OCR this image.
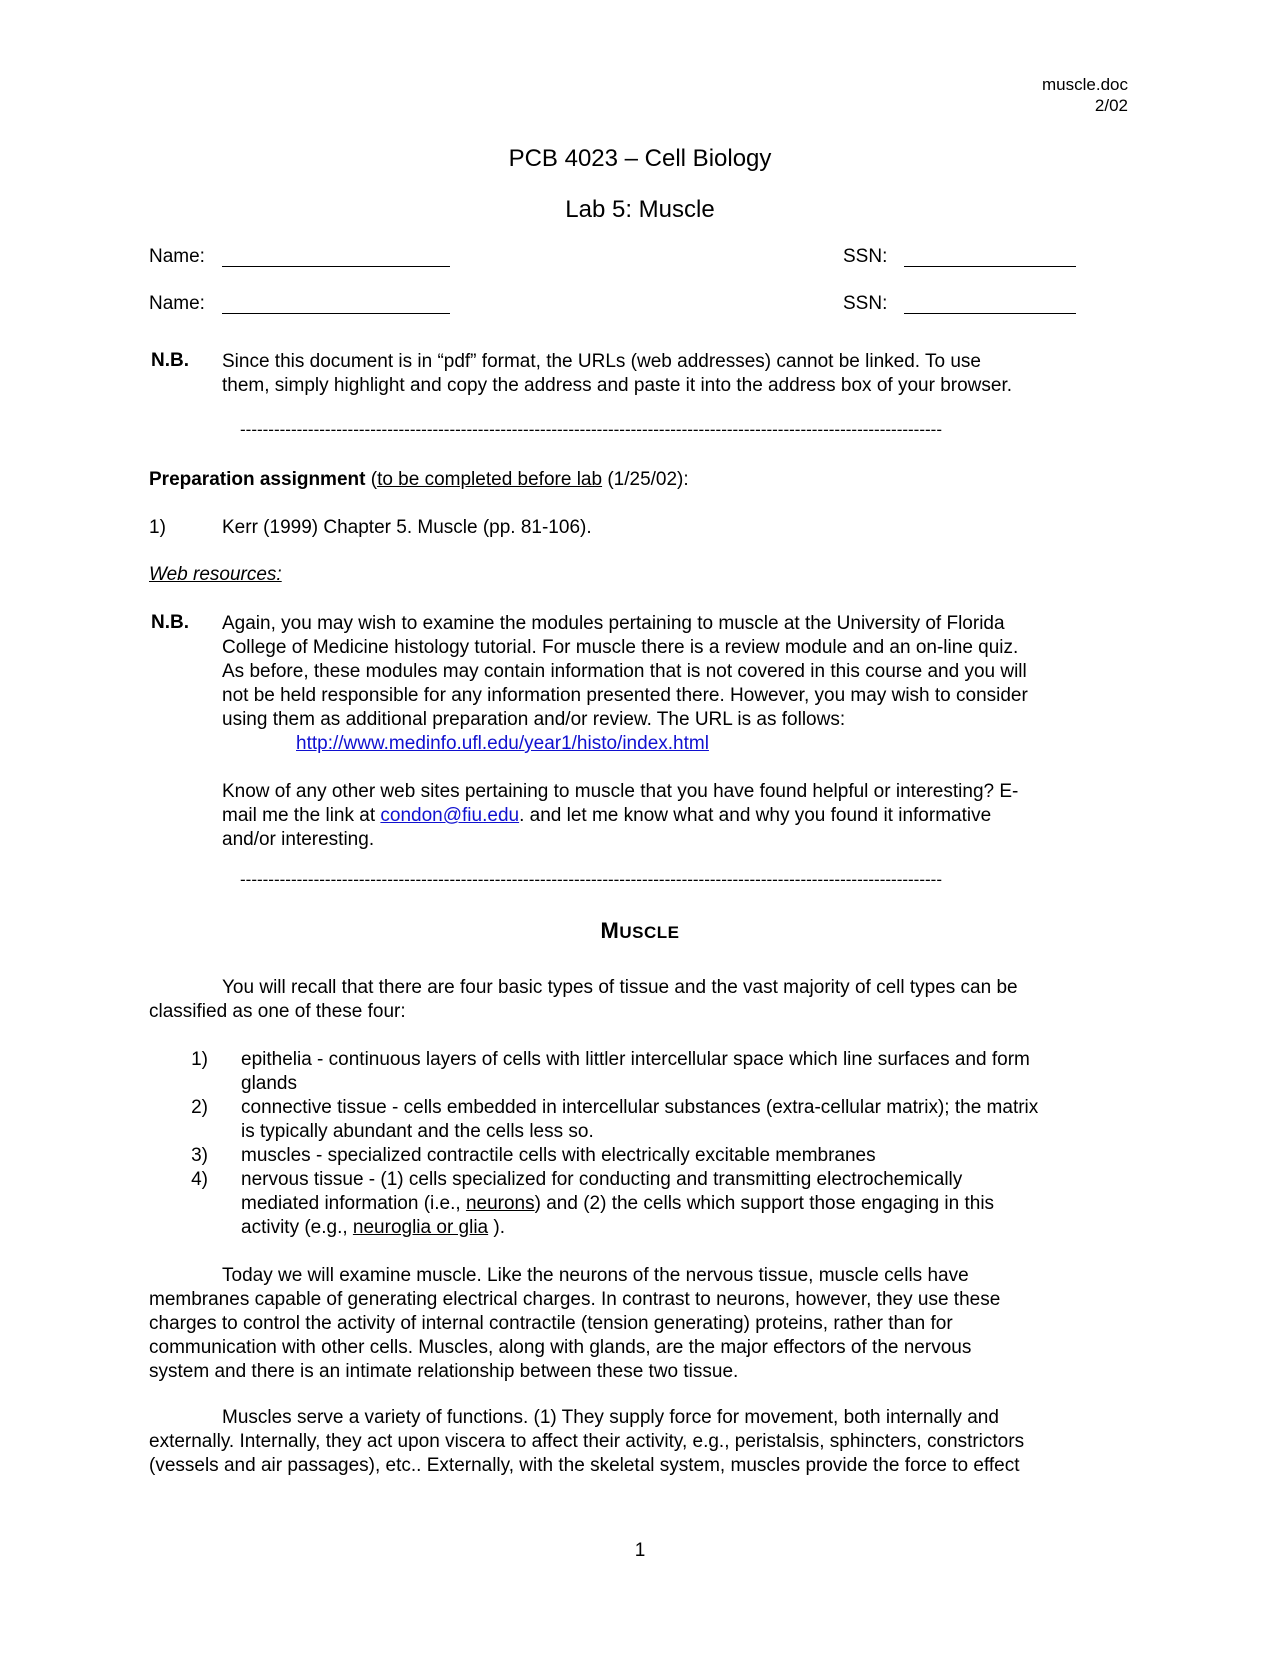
muscle.doc
2/02
PCB 4023 – Cell Biology
Lab 5: Muscle
Name:	SSN:
Name:	SSN:
N.B. Since this document is in “pdf” format, the URLs (web addresses) cannot be linked. To use
them, simply highlight and copy the address and paste it into the address box of your browser.
----------------------------------------------------------------------------------------------------------------------------
Preparation assignment (to be completed before lab (1/25/02):
1)	Kerr (1999) Chapter 5. Muscle (pp. 81-106).
Web resources:
N.B. Again, you may wish to examine the modules pertaining to muscle at the University of Florida
College of Medicine histology tutorial. For muscle there is a review module and an on-line quiz.
As before, these modules may contain information that is not covered in this course and you will
not be held responsible for any information presented there. However, you may wish to consider
using them as additional preparation and/or review. The URL is as follows:
http://www.medinfo.ufl.edu/year1/histo/index.html
Know of any other web sites pertaining to muscle that you have found helpful or interesting? E-
mail me the link at condon@fiu.edu. and let me know what and why you found it informative
and/or interesting.
----------------------------------------------------------------------------------------------------------------------------
MUSCLE
You will recall that there are four basic types of tissue and the vast majority of cell types can be
classified as one of these four:
1) epithelia - continuous layers of cells with littler intercellular space which line surfaces and form
glands
2) connective tissue - cells embedded in intercellular substances (extra-cellular matrix); the matrix
is typically abundant and the cells less so.
3) muscles - specialized contractile cells with electrically excitable membranes
4) nervous tissue - (1) cells specialized for conducting and transmitting electrochemically
mediated information (i.e., neurons) and (2) the cells which support those engaging in this
activity (e.g., neuroglia or glia ).
Today we will examine muscle. Like the neurons of the nervous tissue, muscle cells have
membranes capable of generating electrical charges. In contrast to neurons, however, they use these
charges to control the activity of internal contractile (tension generating) proteins, rather than for
communication with other cells. Muscles, along with glands, are the major effectors of the nervous
system and there is an intimate relationship between these two tissue.
Muscles serve a variety of functions. (1) They supply force for movement, both internally and
externally. Internally, they act upon viscera to affect their activity, e.g., peristalsis, sphincters, constrictors
(vessels and air passages), etc.. Externally, with the skeletal system, muscles provide the force to effect
1
